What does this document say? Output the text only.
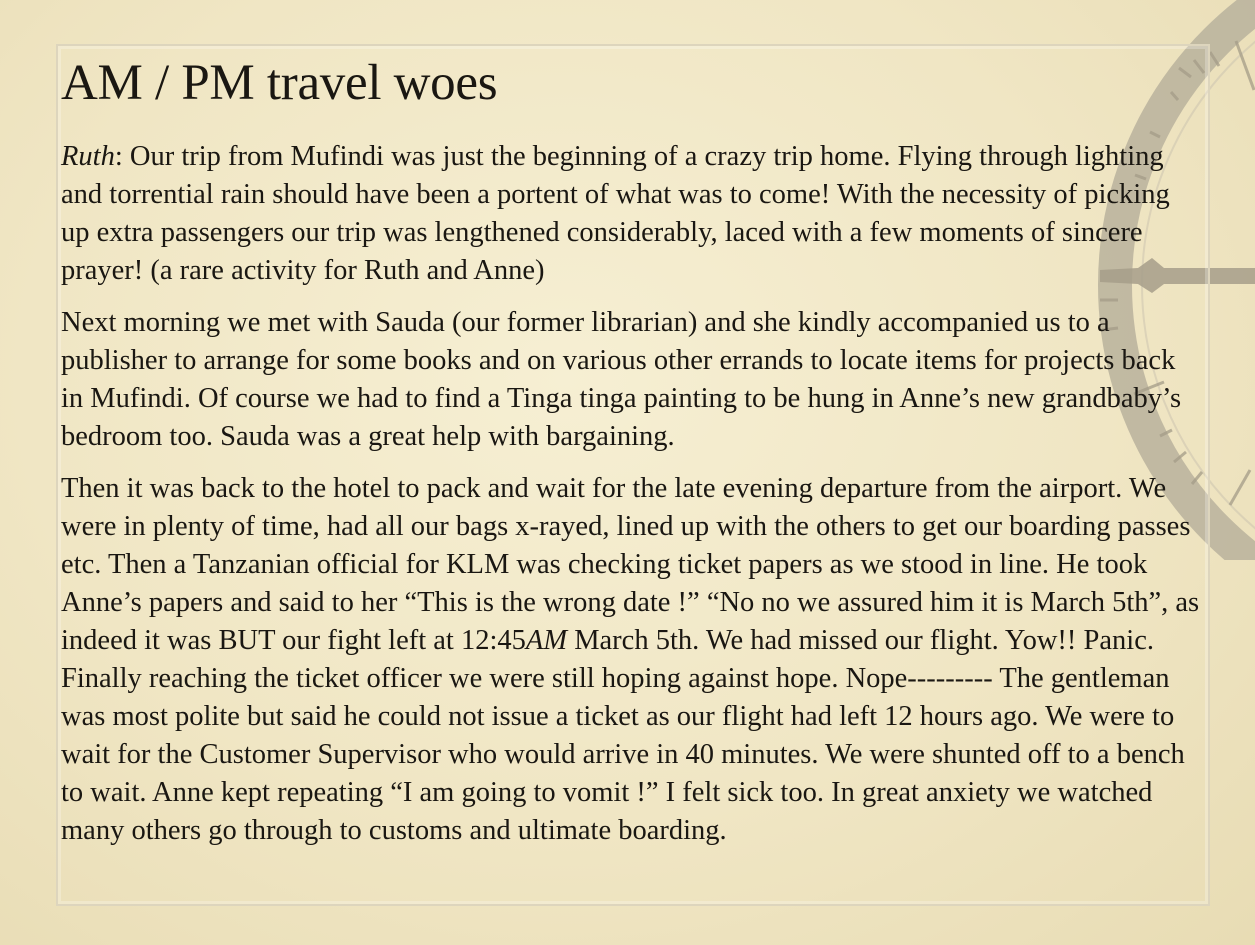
AM / PM travel woes

Ruth: Our trip from Mufindi was just the beginning of a crazy trip home. Flying through lighting and torrential rain should have been a portent of what was to come! With the necessity of picking up extra passengers our trip was lengthened considerably, laced with a few moments of sincere prayer! (a rare activity for Ruth and Anne)

Next morning we met with Sauda (our former librarian) and she kindly accompanied us to a publisher to arrange for some books and on various other errands to locate items for projects back in Mufindi. Of course we had to find a Tinga tinga painting to be hung in Anne’s new grandbaby’s bedroom too. Sauda was a great help with bargaining.

Then it was back to the hotel to pack and wait for the late evening departure from the airport. We were in plenty of time, had all our bags x-rayed, lined up with the others to get our boarding passes etc. Then a Tanzanian official for KLM was checking ticket papers as we stood in line. He took Anne’s papers and said to her “This is the wrong date !” “No no we assured him it is March 5th”, as indeed it was BUT our fight left at 12:45AM March 5th. We had missed our flight. Yow!! Panic. Finally reaching the ticket officer we were still hoping against hope. Nope--------- The gentleman was most polite but said he could not issue a ticket as our flight had left 12 hours ago. We were to wait for the Customer Supervisor who would arrive in 40 minutes. We were shunted off to a bench to wait. Anne kept repeating “I am going to vomit !” I felt sick too. In great anxiety we watched many others go through to customs and ultimate boarding.
